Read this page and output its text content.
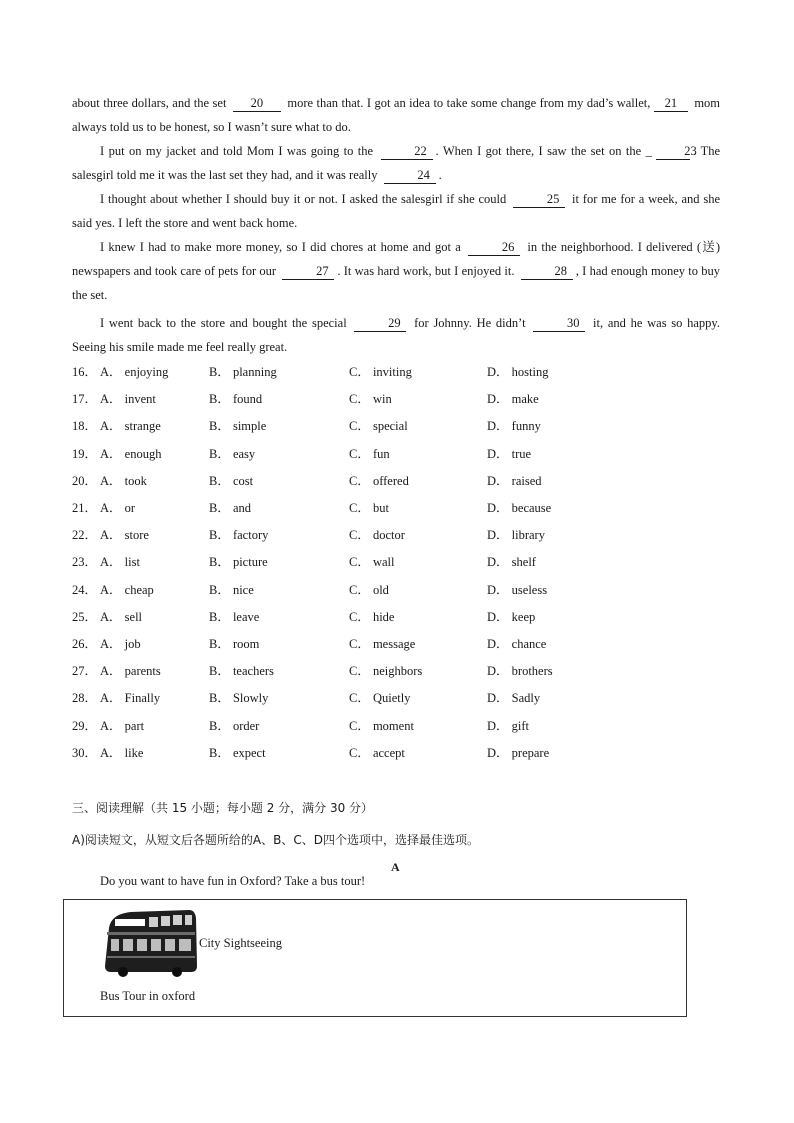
about three dollars, and the set 20 more than that. I got an idea to take some change from my dad’s wallet, 21 mom always told us to be honest, so I wasn’t sure what to do.

I put on my jacket and told Mom I was going to the	22 . When I got there, I saw the set on the _	23. The salesgirl told me it was the last set they had, and it was really	24 .

I thought about whether I should buy it or not. I asked the salesgirl if she could	25 it for me for a week, and she said yes. I left the store and went back home.

I knew I had to make more money, so I did chores at home and got a	26 in the neighborhood. I delivered (送) newspapers and took care of pets for our	27 . It was hard work, but I enjoyed it.	28 , I had enough money to buy the set.

I went back to the store and bought the special	29 for Johnny. He didn’t	30 it, and he was so happy. Seeing his smile made me feel really great.

16． A． enjoying	B． planning	C． inviting	D． hosting
17． A． invent	B． found	C． win	D． make
18． A． strange	B． simple	C． special	D． funny
19． A． enough	B． easy	C． fun	D． true
20． A． took	B． cost	C． offered	D． raised
21． A． or	B． and	C． but	D． because
22． A． store	B． factory	C． doctor	D． library
23． A． list	B． picture	C． wall	D． shelf
24． A． cheap	B． nice	C． old	D． useless
25． A． sell	B． leave	C． hide	D． keep
26． A． job	B． room	C． message	D． chance
27． A． parents	B． teachers	C． neighbors	D． brothers
28． A． Finally	B． Slowly	C． Quietly	D． Sadly
29． A． part	B． order	C． moment	D． gift
30． A． like	B． expect	C． accept	D． prepare
三、阅读理解（共 15 小题；每小题 2 分，满分 30 分）
A)阅读短文，从短文后各题所给的A、B、C、D四个选项中，选择最佳选项。
A
Do you want to have fun in Oxford? Take a bus tour!
City Sightseeing
Bus Tour in oxford
